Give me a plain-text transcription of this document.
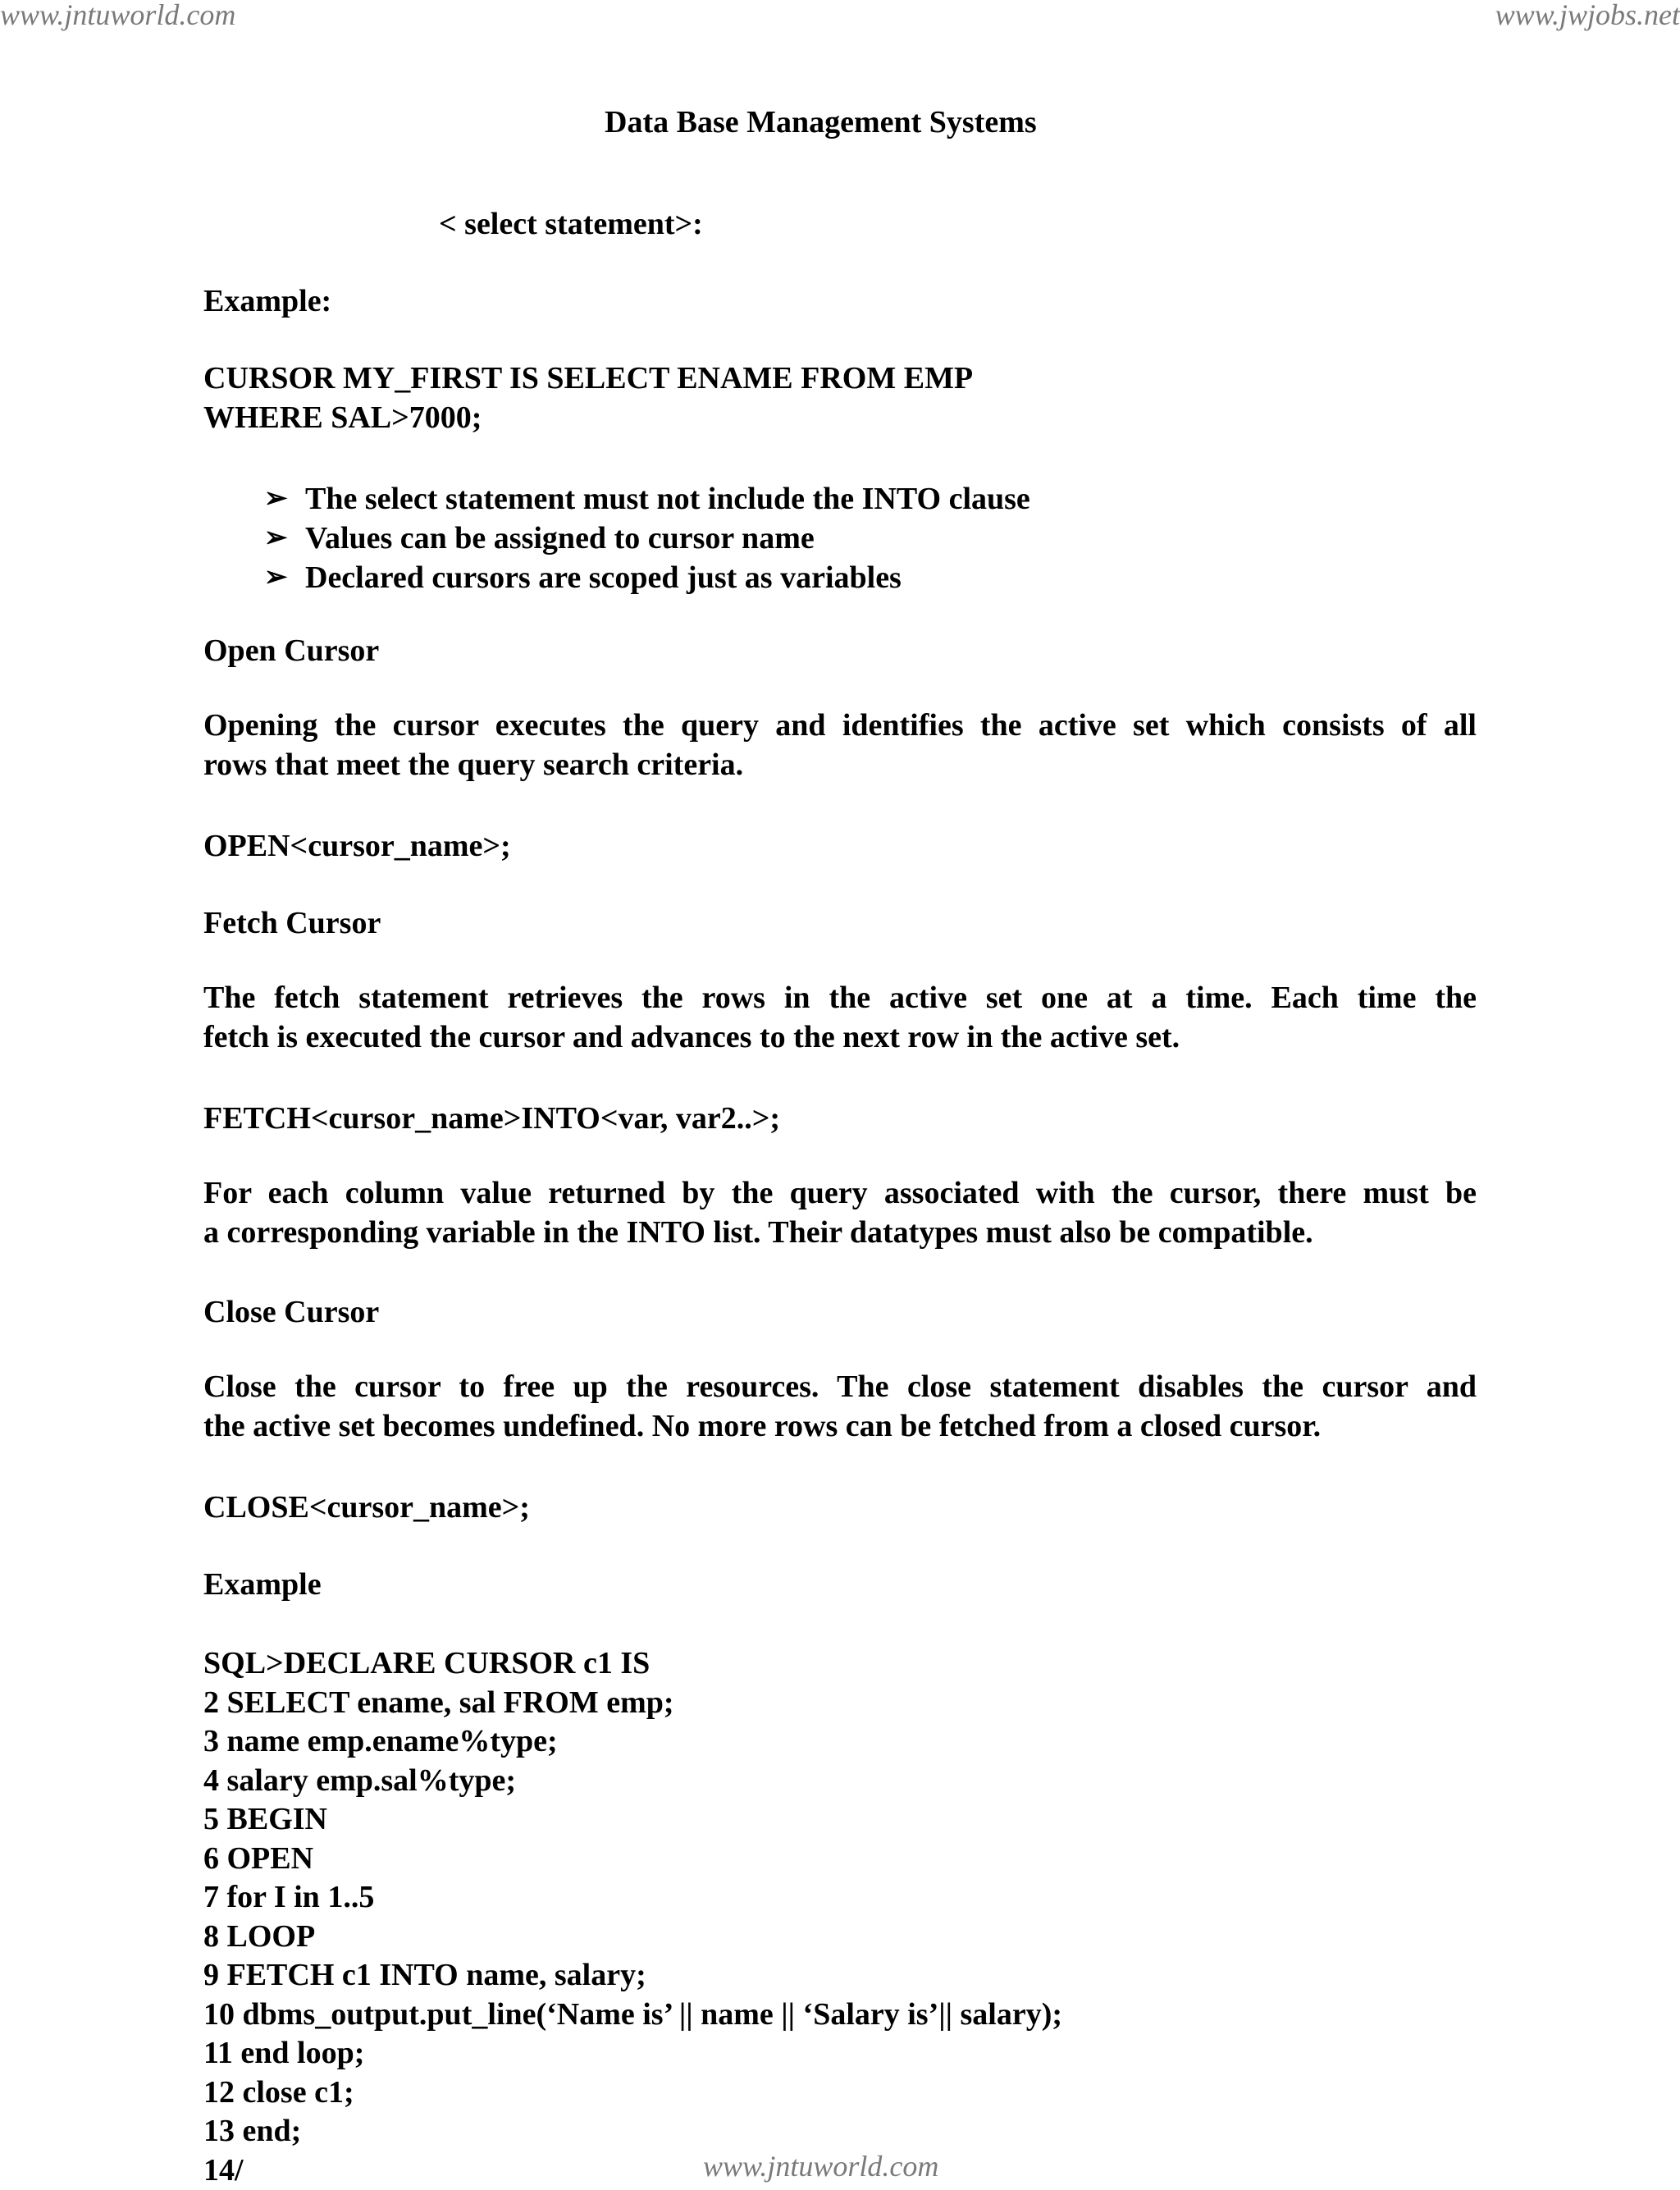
www.jntuworld.com	www.jwjobs.net
Data Base Management Systems
< select statement>:
Example:
CURSOR MY_FIRST IS SELECT ENAME FROM EMP
WHERE SAL>7000;
➢ The select statement must not include the INTO clause
➢ Values can be assigned to cursor name
➢ Declared cursors are scoped just as variables
Open Cursor
Opening the cursor executes the query and identifies the active set which consists of all
rows that meet the query search criteria.
OPEN<cursor_name>;
Fetch Cursor
The fetch statement retrieves the rows in the active set one at a time. Each time the
fetch is executed the cursor and advances to the next row in the active set.
FETCH<cursor_name>INTO<var, var2..>;
For each column value returned by the query associated with the cursor, there must be
a corresponding variable in the INTO list. Their datatypes must also be compatible.
Close Cursor
Close the cursor to free up the resources. The close statement disables the cursor and
the active set becomes undefined. No more rows can be fetched from a closed cursor.
CLOSE<cursor_name>;
Example
SQL>DECLARE CURSOR c1 IS
2 SELECT ename, sal FROM emp;
3 name emp.ename%type;
4 salary emp.sal%type;
5 BEGIN
6 OPEN
7 for I in 1..5
8 LOOP
9 FETCH c1 INTO name, salary;
10 dbms_output.put_line(‘Name is’ || name || ‘Salary is’|| salary);
11 end loop;
12 close c1;
13 end;
14/	www.jntuworld.com
